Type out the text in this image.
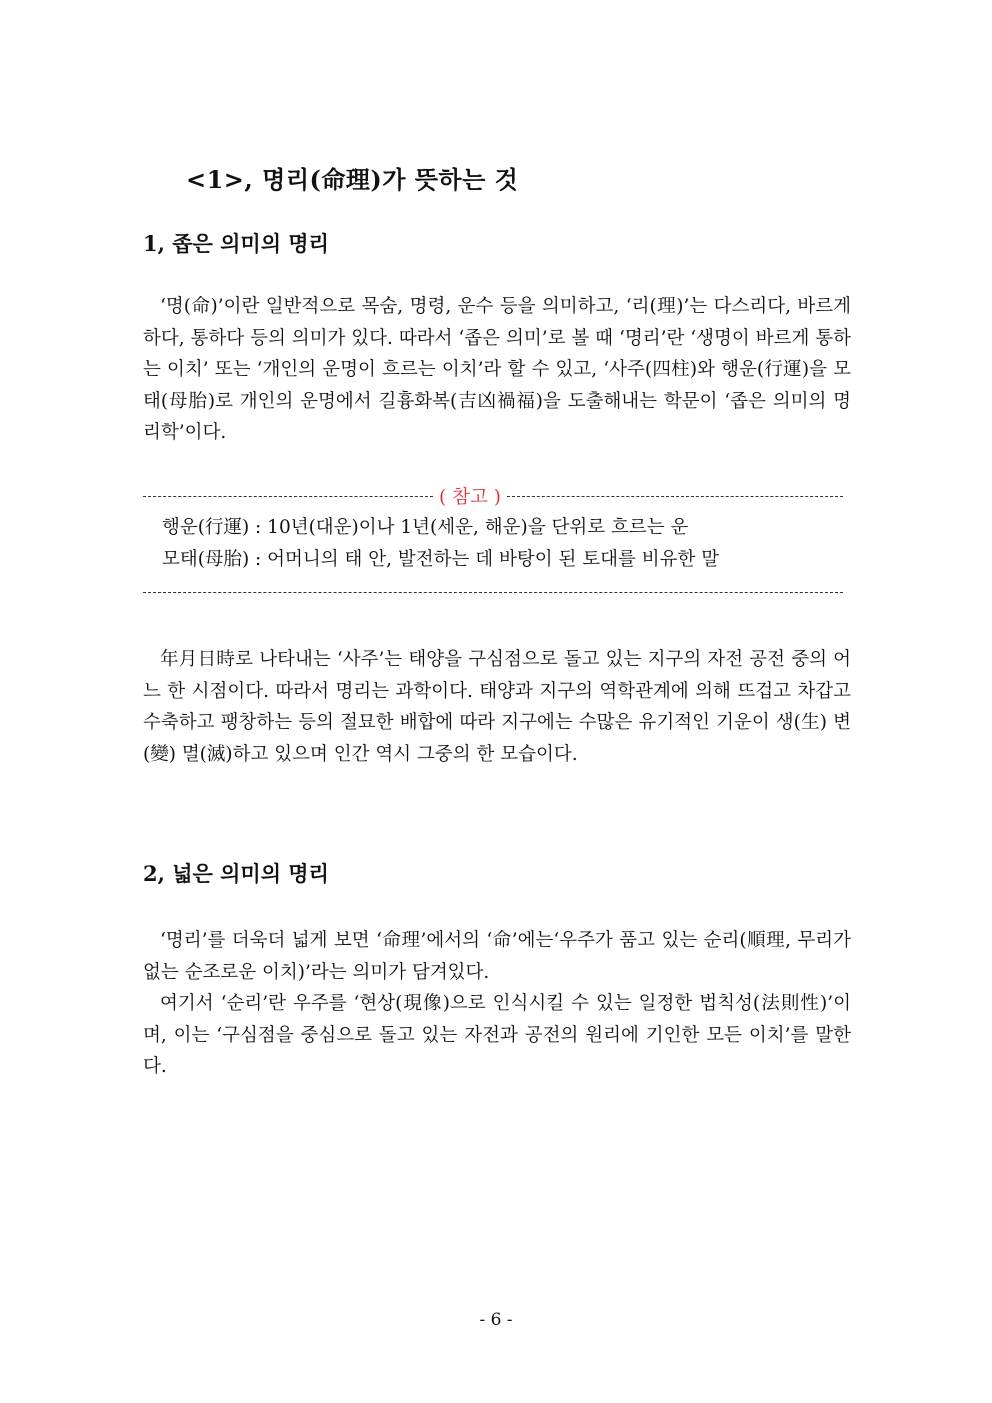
<1>, 명리(命理)가 뜻하는 것
1, 좁은 의미의 명리

‘명(命)’이란 일반적으로 목숨, 명령, 운수 등을 의미하고, ‘리(理)’는 다스리다, 바르게 하다, 통하다 등의 의미가 있다. 따라서 ‘좁은 의미’로 볼 때 ‘명리’란 ‘생명이 바르게 통하는 이치’ 또는 ‘개인의 운명이 흐르는 이치’라 할 수 있고, ‘사주(四柱)와 행운(行運)을 모태(母胎)로 개인의 운명에서 길흉화복(吉凶禍福)을 도출해내는 학문이 ‘좁은 의미의 명리학’이다.

( 참고 )
행운(行運) : 10년(대운)이나 1년(세운, 해운)을 단위로 흐르는 운
모태(母胎) : 어머니의 태 안, 발전하는 데 바탕이 된 토대를 비유한 말

年月日時로 나타내는 ‘사주’는 태양을 구심점으로 돌고 있는 지구의 자전 공전 중의 어느 한 시점이다. 따라서 명리는 과학이다. 태양과 지구의 역학관계에 의해 뜨겁고 차갑고 수축하고 팽창하는 등의 절묘한 배합에 따라 지구에는 수많은 유기적인 기운이 생(生) 변(變) 멸(滅)하고 있으며 인간 역시 그중의 한 모습이다.

2, 넓은 의미의 명리

‘명리’를 더욱더 넓게 보면 ‘命理’에서의 ‘命’에는‘우주가 품고 있는 순리(順理, 무리가 없는 순조로운 이치)’라는 의미가 담겨있다.

여기서 ‘순리’란 우주를 ‘현상(現像)으로 인식시킬 수 있는 일정한 법칙성(法則性)’이며, 이는 ‘구심점을 중심으로 돌고 있는 자전과 공전의 원리에 기인한 모든 이치’를 말한다.

- 6 -
